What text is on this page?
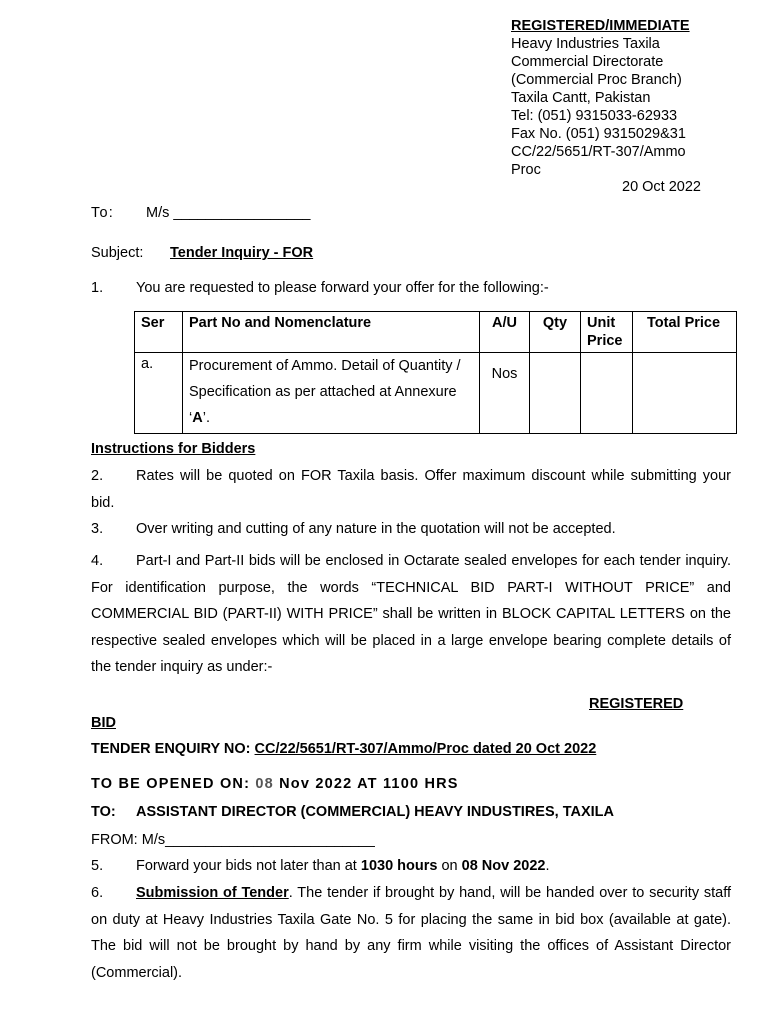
REGISTERED/IMMEDIATE
Heavy Industries Taxila
Commercial Directorate
(Commercial Proc Branch)
Taxila Cantt, Pakistan
Tel: (051) 9315033-62933
Fax No. (051) 9315029&31
CC/22/5651/RT-307/Ammo
Proc
20 Oct 2022
To: M/s _________________
Subject: Tender Inquiry - FOR
1. You are requested to please forward your offer for the following:-
Ser	Part No and Nomenclature	A/U	Qty	Unit Price	Total Price
a.	Procurement of Ammo. Detail of Quantity / Specification as per attached at Annexure ‘A’.	Nos			
Instructions for Bidders

2. Rates will be quoted on FOR Taxila basis. Offer maximum discount while submitting your bid.

3. Over writing and cutting of any nature in the quotation will not be accepted.

4. Part-I and Part-II bids will be enclosed in Octarate sealed envelopes for each tender inquiry. For identification purpose, the words “TECHNICAL BID PART-I WITHOUT PRICE” and COMMERCIAL BID (PART-II) WITH PRICE” shall be written in BLOCK CAPITAL LETTERS on the respective sealed envelopes which will be placed in a large envelope bearing complete details of the tender inquiry as under:-

REGISTERED
BID
TENDER ENQUIRY NO: CC/22/5651/RT-307/Ammo/Proc dated 20 Oct 2022
TO BE OPENED ON: 08 Nov 2022 AT 1100 HRS
TO: ASSISTANT DIRECTOR (COMMERCIAL) HEAVY INDUSTIRES, TAXILA
FROM: M/s__________________________
5. Forward your bids not later than at 1030 hours on 08 Nov 2022.

6. Submission of Tender. The tender if brought by hand, will be handed over to security staff on duty at Heavy Industries Taxila Gate No. 5 for placing the same in bid box (available at gate). The bid will not be brought by hand by any firm while visiting the offices of Assistant Director (Commercial).
